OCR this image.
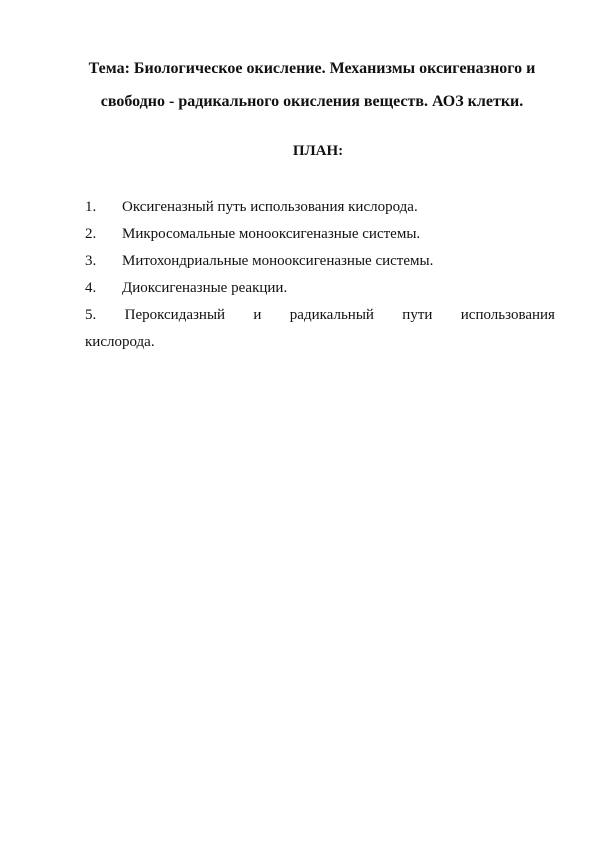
Тема: Биологическое окисление. Механизмы оксигеназного и
свободно - радикального окисления веществ. АОЗ клетки.
ПЛАН:
1.	Оксигеназный путь использования кислорода.
2.	Микросомальные монооксигеназные системы.
3.	Митохондриальные монооксигеназные системы.
4.	Диоксигеназные реакции.
5. Пероксидазный и радикальный пути использования
кислорода.
